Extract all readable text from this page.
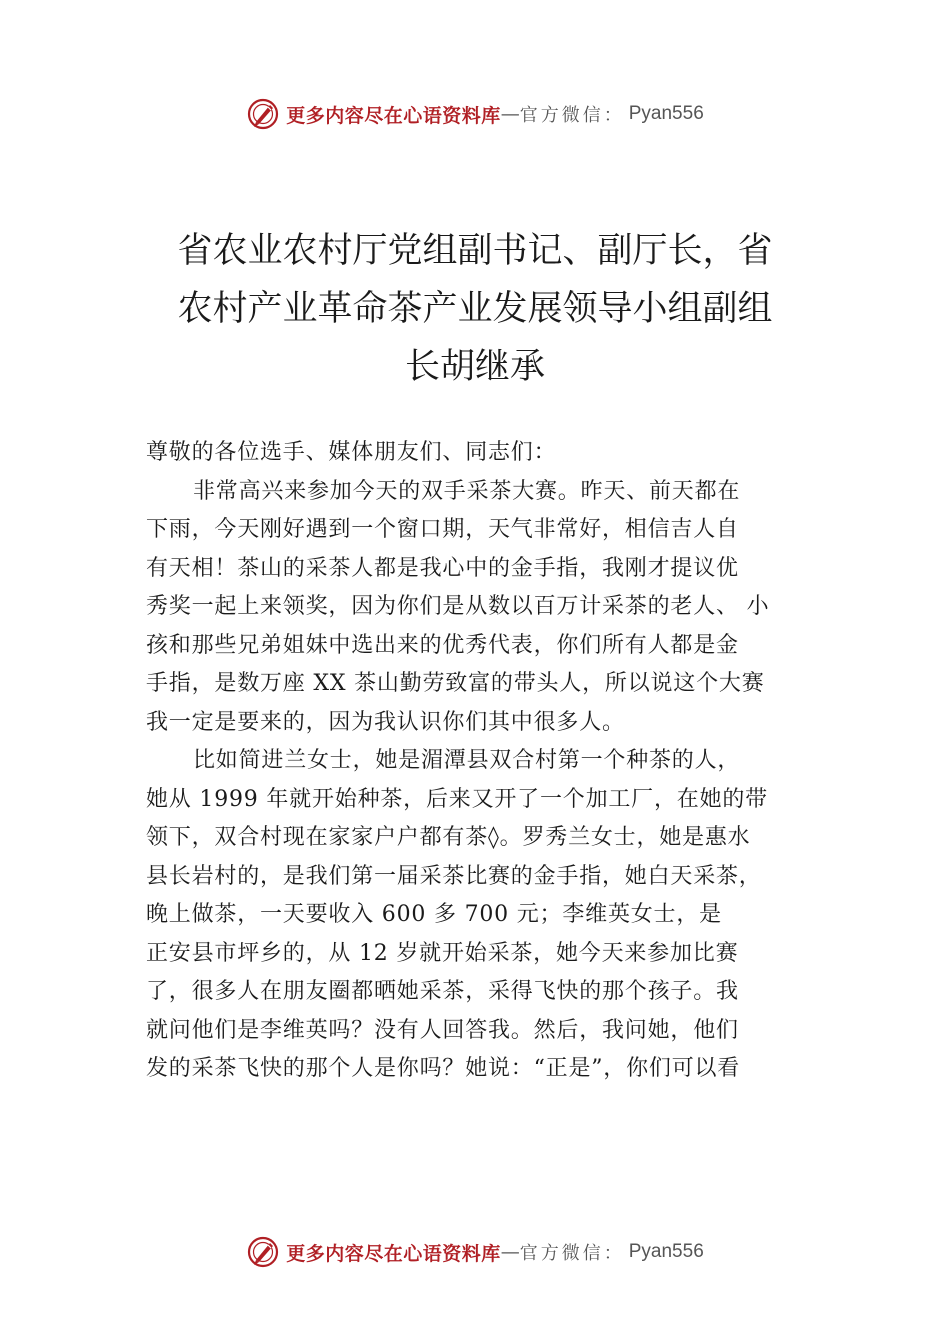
更多内容尽在心语资料库 — 官方微信： Pyan556
省农业农村厅党组副书记、副厅长，省
农村产业革命茶产业发展领导小组副组
长胡继承
尊敬的各位选手、媒体朋友们、同志们：
非常高兴来参加今天的双手采茶大赛。昨天、前天都在
下雨，今天刚好遇到一个窗口期，天气非常好，相信吉人自
有天相！茶山的采茶人都是我心中的金手指，我刚才提议优
秀奖一起上来领奖，因为你们是从数以百万计采茶的老人、 小
孩和那些兄弟姐妹中选出来的优秀代表，你们所有人都是金
手指，是数万座 XX 茶山勤劳致富的带头人，所以说这个大赛
我一定是要来的，因为我认识你们其中很多人。
比如简进兰女士，她是湄潭县双合村第一个种茶的人，
她从 1999 年就开始种茶，后来又开了一个加工厂，在她的带
领下，双合村现在家家户户都有茶◊。罗秀兰女士，她是惠水
县长岩村的，是我们第一届采茶比赛的金手指，她白天采茶，
晚上做茶，一天要收入 600 多 700 元；李维英女士，是
正安县市坪乡的，从 12 岁就开始采茶，她今天来参加比赛
了，很多人在朋友圈都晒她采茶，采得飞快的那个孩子。我
就问他们是李维英吗？没有人回答我。然后，我问她，他们
发的采茶飞快的那个人是你吗？她说：“正是”，你们可以看
更多内容尽在心语资料库 — 官方微信： Pyan556
